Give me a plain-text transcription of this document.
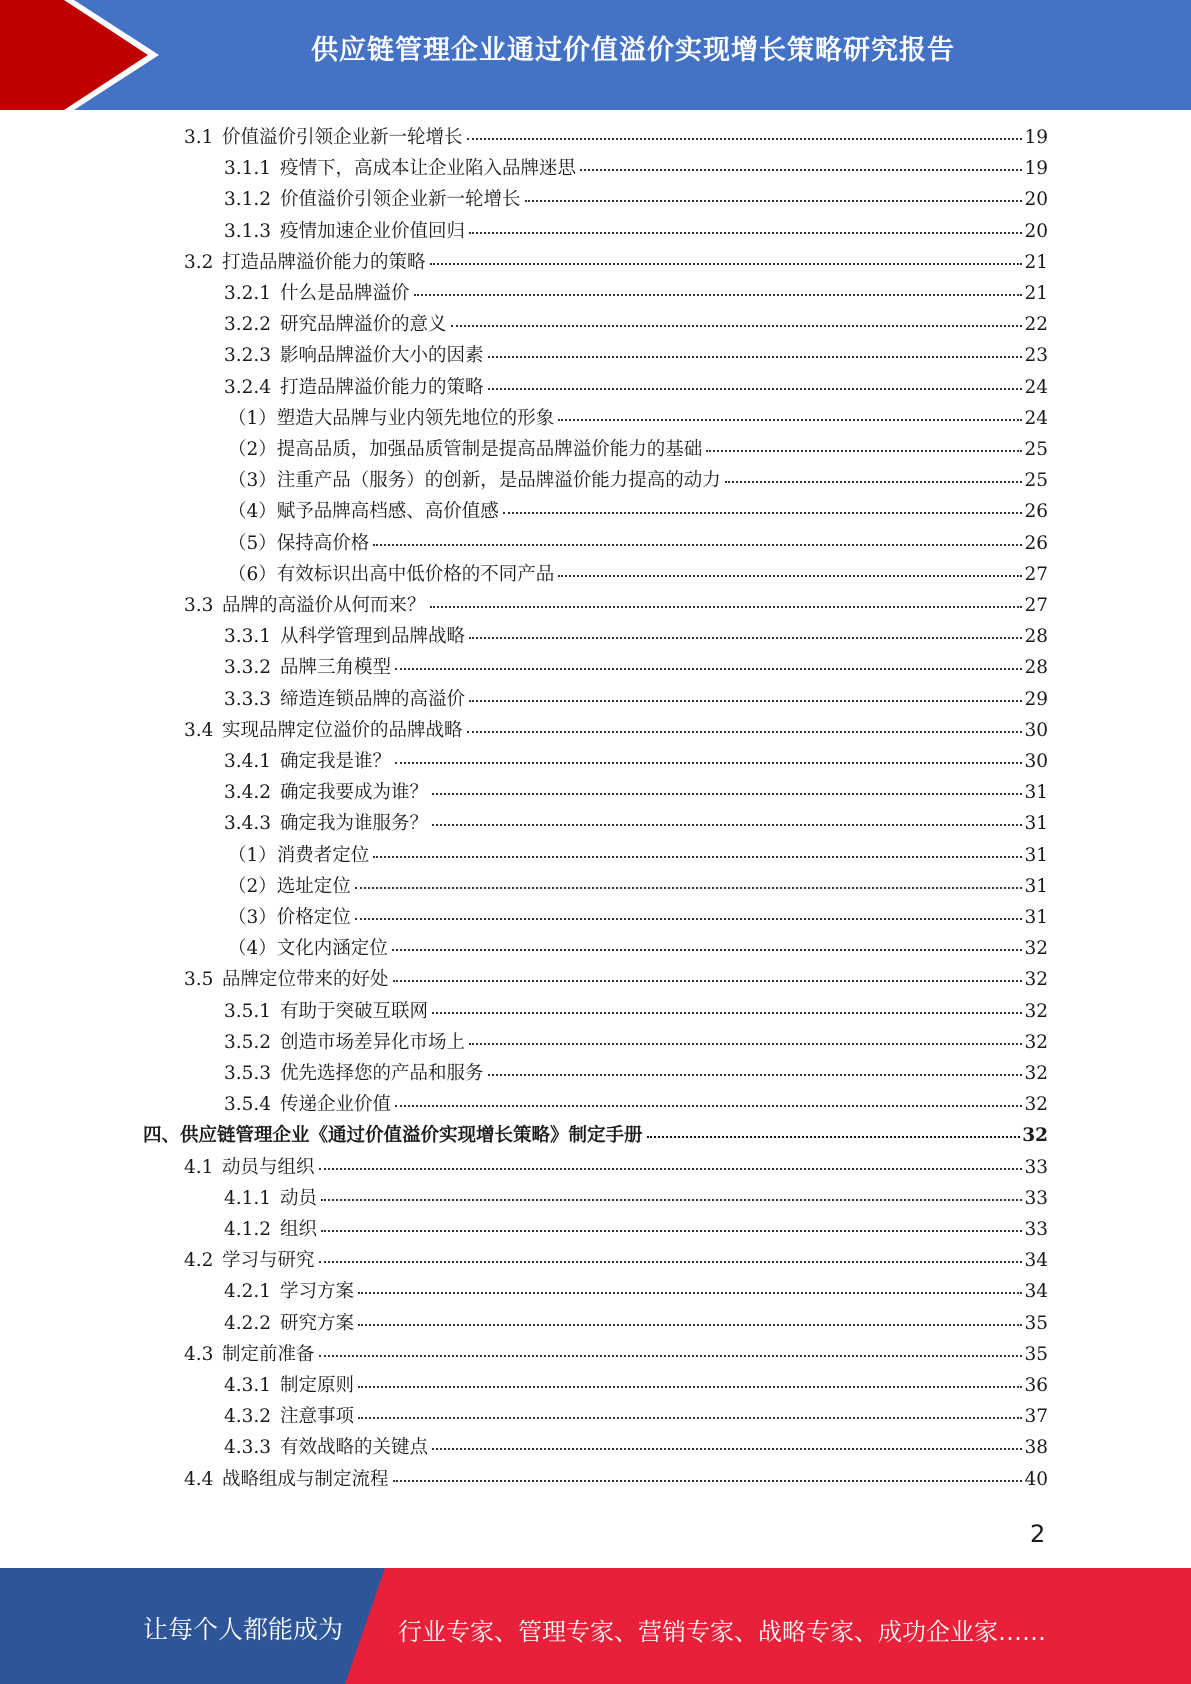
供应链管理企业通过价值溢价实现增长策略研究报告
3.1 价值溢价引领企业新一轮增长	19
3.1.1 疫情下，高成本让企业陷入品牌迷思	19
3.1.2 价值溢价引领企业新一轮增长	20
3.1.3 疫情加速企业价值回归	20
3.2 打造品牌溢价能力的策略	21
3.2.1 什么是品牌溢价	21
3.2.2 研究品牌溢价的意义	22
3.2.3 影响品牌溢价大小的因素	23
3.2.4 打造品牌溢价能力的策略	24
（1）塑造大品牌与业内领先地位的形象	24
（2）提高品质，加强品质管制是提高品牌溢价能力的基础	25
（3）注重产品（服务）的创新，是品牌溢价能力提高的动力	25
（4）赋予品牌高档感、高价值感	26
（5）保持高价格	26
（6）有效标识出高中低价格的不同产品	27
3.3 品牌的高溢价从何而来？	27
3.3.1 从科学管理到品牌战略	28
3.3.2 品牌三角模型	28
3.3.3 缔造连锁品牌的高溢价	29
3.4 实现品牌定位溢价的品牌战略	30
3.4.1 确定我是谁？	30
3.4.2 确定我要成为谁？	31
3.4.3 确定我为谁服务？	31
（1）消费者定位	31
（2）选址定位	31
（3）价格定位	31
（4）文化内涵定位	32
3.5 品牌定位带来的好处	32
3.5.1 有助于突破互联网	32
3.5.2 创造市场差异化市场上	32
3.5.3 优先选择您的产品和服务	32
3.5.4 传递企业价值	32
四、供应链管理企业《通过价值溢价实现增长策略》制定手册	32
4.1 动员与组织	33
4.1.1 动员	33
4.1.2 组织	33
4.2 学习与研究	34
4.2.1 学习方案	34
4.2.2 研究方案	35
4.3 制定前准备	35
4.3.1 制定原则	36
4.3.2 注意事项	37
4.3.3 有效战略的关键点	38
4.4 战略组成与制定流程	40
2
让每个人都能成为 行业专家、管理专家、营销专家、战略专家、成功企业家……
